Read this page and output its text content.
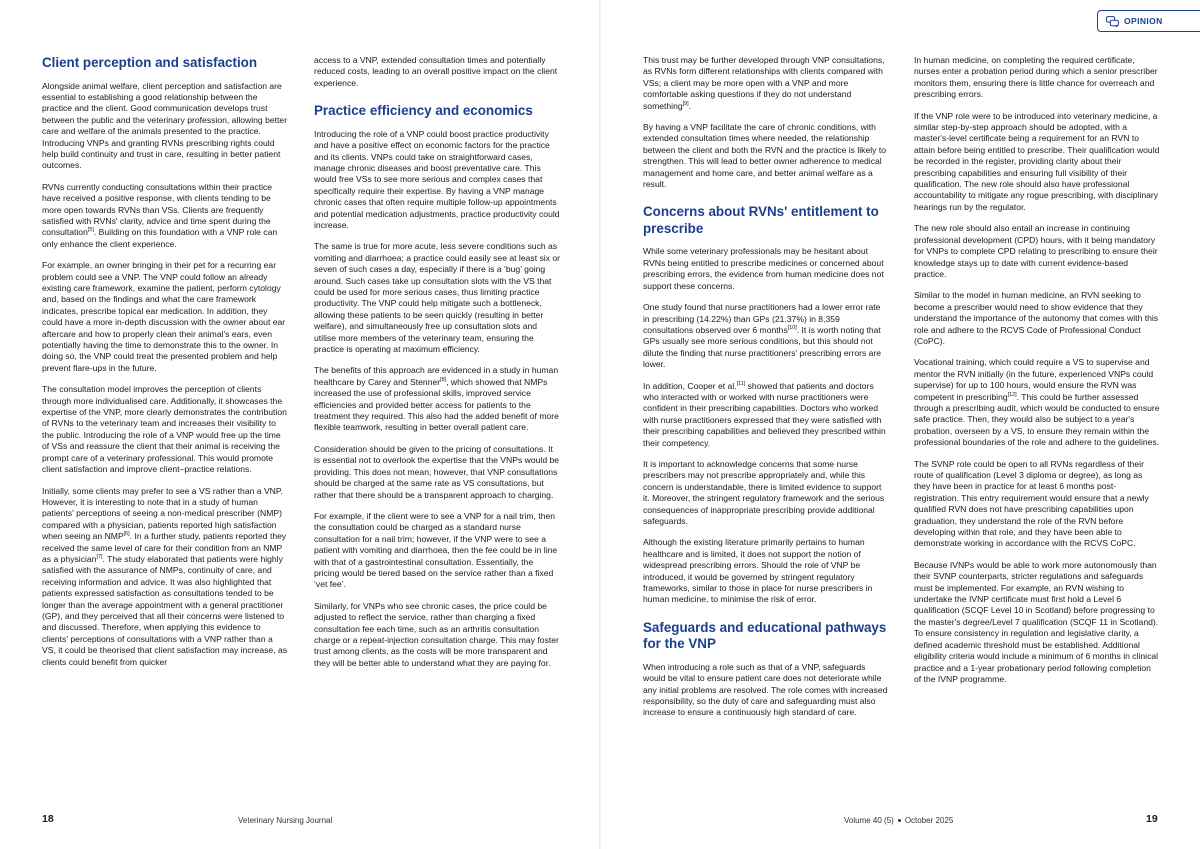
Client perception and satisfaction

Alongside animal welfare, client perception and satisfaction are essential to establishing a good relationship between the practice and the client. Good communication develops trust between the public and the veterinary profession, allowing better care and welfare of the animals presented to the practice. Introducing VNPs and granting RVNs prescribing rights could help build continuity and trust in care, resulting in better patient outcomes.

RVNs currently conducting consultations within their practice have received a positive response, with clients tending to be more open towards RVNs than VSs. Clients are frequently satisfied with RVNs' clarity, advice and time spent during the consultation[5]. Building on this foundation with a VNP role can only enhance the client experience.

For example, an owner bringing in their pet for a recurring ear problem could see a VNP. The VNP could follow an already existing care framework, examine the patient, perform cytology and, based on the findings and what the care framework indicates, prescribe topical ear medication. In addition, they could have a more in-depth discussion with the owner about ear aftercare and how to properly clean their animal's ears, even potentially having the time to demonstrate this to the owner. In doing so, the VNP could treat the presented problem and help prevent flare-ups in the future.

The consultation model improves the perception of clients through more individualised care. Additionally, it showcases the expertise of the VNP, more clearly demonstrates the contribution of RVNs to the veterinary team and increases their visibility to the public. Introducing the role of a VNP would free up the time of VSs and reassure the client that their animal is receiving the prompt care of a veterinary professional. This would promote client satisfaction and improve client–practice relations.

Initially, some clients may prefer to see a VS rather than a VNP. However, it is interesting to note that in a study of human patients' perceptions of seeing a non-medical prescriber (NMP) compared with a physician, patients reported high satisfaction when seeing an NMP[6]. In a further study, patients reported they received the same level of care for their condition from an NMP as a physician[7]. The study elaborated that patients were highly satisfied with the assurance of NMPs, continuity of care, and receiving information and advice. It was also highlighted that patients expressed satisfaction as consultations tended to be longer than the average appointment with a general practitioner (GP), and they perceived that all their concerns were listened to and discussed. Therefore, when applying this evidence to clients' perceptions of consultations with a VNP rather than a VS, it could be theorised that client satisfaction may increase, as clients could benefit from quicker

access to a VNP, extended consultation times and potentially reduced costs, leading to an overall positive impact on the client experience.

Practice efficiency and economics

Introducing the role of a VNP could boost practice productivity and have a positive effect on economic factors for the practice and its clients. VNPs could take on straightforward cases, manage chronic diseases and boost preventative care. This would free VSs to see more serious and complex cases that specifically require their expertise. By having a VNP manage chronic cases that often require multiple follow-up appointments and potential medication adjustments, practice productivity could increase.

The same is true for more acute, less severe conditions such as vomiting and diarrhoea; a practice could easily see at least six or seven of such cases a day, especially if there is a ‘bug’ going around. Such cases take up consultation slots with the VS that could be used for more serious cases, thus limiting practice productivity. The VNP could help mitigate such a bottleneck, allowing these patients to be seen quickly (resulting in better welfare), and simultaneously free up consultation slots and utilise more members of the veterinary team, ensuring the practice is operating at maximum efficiency.

The benefits of this approach are evidenced in a study in human healthcare by Carey and Stenner[8], which showed that NMPs increased the use of professional skills, improved service efficiencies and provided better access for patients to the treatment they required. This also had the added benefit of more flexible teamwork, resulting in better overall patient care.

Consideration should be given to the pricing of consultations. It is essential not to overlook the expertise that the VNPs would be providing. This does not mean, however, that VNP consultations should be charged at the same rate as VS consultations, but rather that there should be a transparent approach to charging.

For example, if the client were to see a VNP for a nail trim, then the consultation could be charged as a standard nurse consultation for a nail trim; however, if the VNP were to see a patient with vomiting and diarrhoea, then the fee could be in line with that of a gastrointestinal consultation. Essentially, the pricing would be tiered based on the service rather than a fixed ‘vet fee’.

Similarly, for VNPs who see chronic cases, the price could be adjusted to reflect the service, rather than charging a fixed consultation fee each time, such as an arthritis consultation charge or a repeat-injection consultation charge. This may foster trust among clients, as the costs will be more transparent and they will be better able to understand what they are paying for.

18	Veterinary Nursing Journal
OPINION

This trust may be further developed through VNP consultations, as RVNs form different relationships with clients compared with VSs; a client may be more open with a VNP and more comfortable asking questions if they do not understand something[9].

By having a VNP facilitate the care of chronic conditions, with extended consultation times where needed, the relationship between the client and both the RVN and the practice is likely to strengthen. This will lead to better owner adherence to medical management and home care, and better animal welfare as a result.

Concerns about RVNs' entitlement to prescribe

While some veterinary professionals may be hesitant about RVNs being entitled to prescribe medicines or concerned about prescribing errors, the evidence from human medicine does not support these concerns.

One study found that nurse practitioners had a lower error rate in prescribing (14.22%) than GPs (21.37%) in 8,359 consultations observed over 6 months[10]. It is worth noting that GPs usually see more serious conditions, but this should not dilute the finding that nurse practitioners' prescribing errors are lower.

In addition, Cooper et al.[11] showed that patients and doctors who interacted with or worked with nurse practitioners were confident in their prescribing capabilities. Doctors who worked with nurse practitioners expressed that they were satisfied with their prescribing capabilities and believed they prescribed within their competency.

It is important to acknowledge concerns that some nurse prescribers may not prescribe appropriately and, while this concern is understandable, there is limited evidence to support it. Moreover, the stringent regulatory framework and the serious consequences of inappropriate prescribing provide additional safeguards.

Although the existing literature primarily pertains to human healthcare and is limited, it does not support the notion of widespread prescribing errors. Should the role of VNP be introduced, it would be governed by stringent regulatory frameworks, similar to those in place for nurse prescribers in human medicine, to minimise the risk of error.

Safeguards and educational pathways for the VNP

When introducing a role such as that of a VNP, safeguards would be vital to ensure patient care does not deteriorate while any initial problems are resolved. The role comes with increased responsibility, so the duty of care and safeguarding must also increase to ensure a continuously high standard of care.

In human medicine, on completing the required certificate, nurses enter a probation period during which a senior prescriber monitors them, ensuring there is little chance for overreach and prescribing errors.

If the VNP role were to be introduced into veterinary medicine, a similar step-by-step approach should be adopted, with a master's-level certificate being a requirement for an RVN to attain before being entitled to prescribe. Their qualification would be recorded in the register, providing clarity about their prescribing capabilities and ensuring full visibility of their qualification. The new role should also have professional accountability to mitigate any rogue prescribing, with disciplinary hearings run by the regulator.

The new role should also entail an increase in continuing professional development (CPD) hours, with it being mandatory for VNPs to complete CPD relating to prescribing to ensure their knowledge stays up to date with current evidence-based practice.

Similar to the model in human medicine, an RVN seeking to become a prescriber would need to show evidence that they understand the importance of the autonomy that comes with this role and adhere to the RCVS Code of Professional Conduct (CoPC).

Vocational training, which could require a VS to supervise and mentor the RVN initially (in the future, experienced VNPs could supervise) for up to 100 hours, would ensure the RVN was competent in prescribing[12]. This could be further assessed through a prescribing audit, which would be conducted to ensure safe practice. Then, they would also be subject to a year's probation, overseen by a VS, to ensure they remain within the professional boundaries of the role and adhere to the guidelines.

The SVNP role could be open to all RVNs regardless of their route of qualification (Level 3 diploma or degree), as long as they have been in practice for at least 6 months post-registration. This entry requirement would ensure that a newly qualified RVN does not have prescribing capabilities upon graduation, they understand the role of the RVN before developing within that role, and they have been able to demonstrate working in accordance with the RCVS CoPC.

Because IVNPs would be able to work more autonomously than their SVNP counterparts, stricter regulations and safeguards must be implemented. For example, an RVN wishing to undertake the IVNP certificate must first hold a Level 6 qualification (SCQF Level 10 in Scotland) before progressing to the master's degree/Level 7 qualification (SCQF 11 in Scotland). To ensure consistency in regulation and legislative clarity, a defined academic threshold must be established. Additional eligibility criteria would include a minimum of 6 months in clinical practice and a 1-year probationary period following completion of the IVNP programme.

Volume 40 (5) October 2025	19
